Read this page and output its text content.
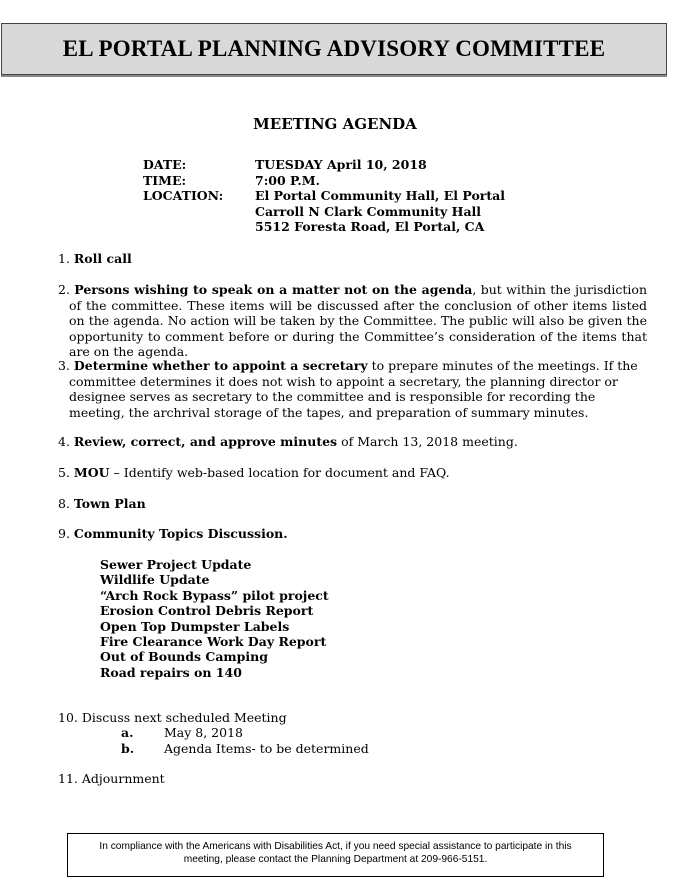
EL PORTAL PLANNING ADVISORY COMMITTEE
MEETING AGENDA
DATE:	TUESDAY April 10, 2018
TIME:	7:00 P.M.
LOCATION:	El Portal Community Hall, El Portal
Carroll N Clark Community Hall
5512 Foresta Road, El Portal, CA
1. Roll call
2. Persons wishing to speak on a matter not on the agenda, but within the jurisdiction of the committee. These items will be discussed after the conclusion of other items listed on the agenda. No action will be taken by the Committee. The public will also be given the opportunity to comment before or during the Committee’s consideration of the items that are on the agenda.
3. Determine whether to appoint a secretary to prepare minutes of the meetings. If the committee determines it does not wish to appoint a secretary, the planning director or designee serves as secretary to the committee and is responsible for recording the meeting, the archrival storage of the tapes, and preparation of summary minutes.
4. Review, correct, and approve minutes of March 13, 2018 meeting.
5. MOU – Identify web-based location for document and FAQ.
8. Town Plan
9. Community Topics Discussion.
Sewer Project Update
Wildlife Update
“Arch Rock Bypass” pilot project
Erosion Control Debris Report
Open Top Dumpster Labels
Fire Clearance Work Day Report
Out of Bounds Camping
Road repairs on 140
10. Discuss next scheduled Meeting
a.	May 8, 2018
b.	Agenda Items- to be determined
11. Adjournment
In compliance with the Americans with Disabilities Act, if you need special assistance to participate in this
meeting, please contact the Planning Department at 209-966-5151.
